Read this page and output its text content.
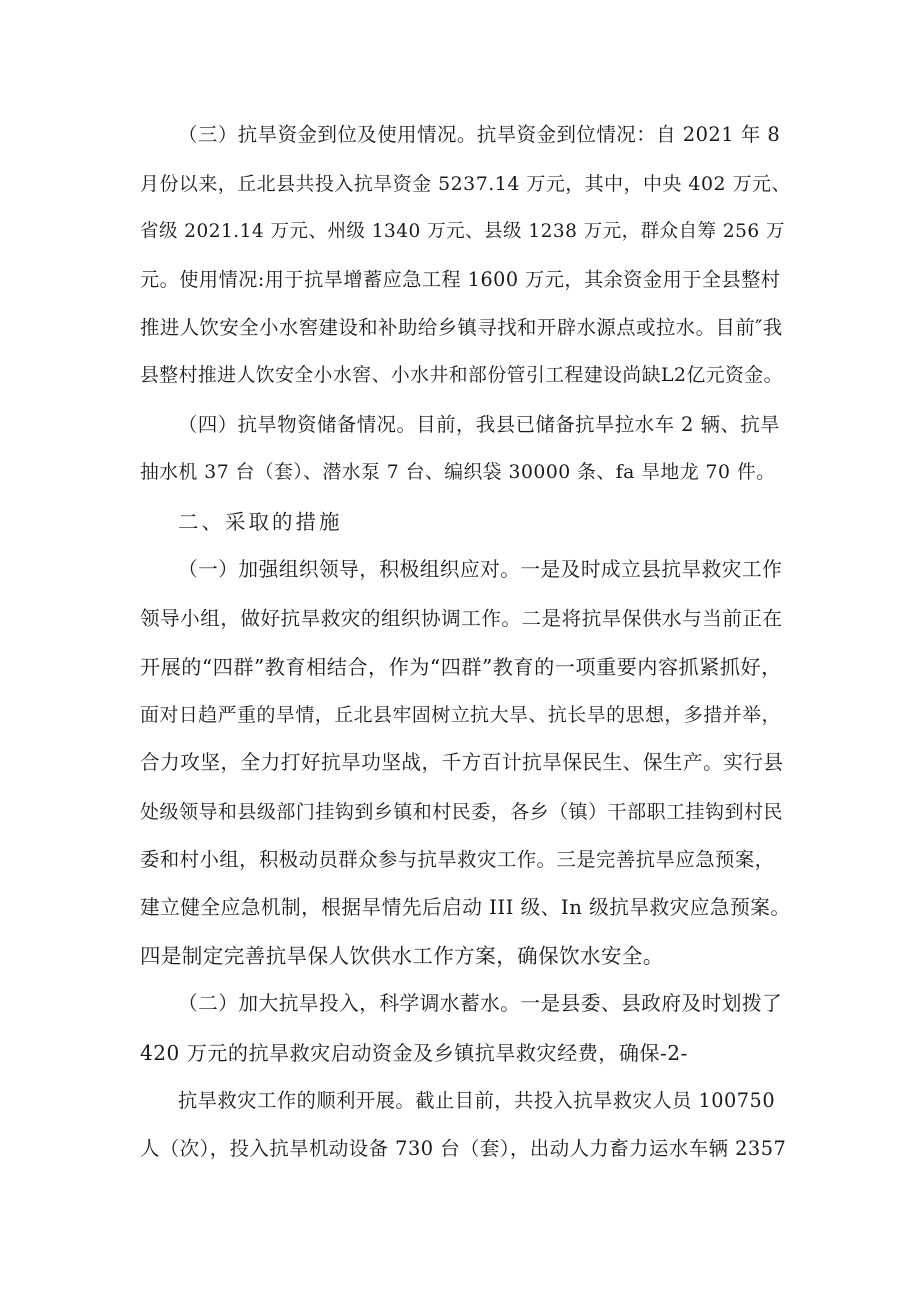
（三）抗旱资金到位及使用情况。抗旱资金到位情况：自 2021 年 8
月份以来，丘北县共投入抗旱资金 5237.14 万元，其中，中央 402 万元、
省级 2021.14 万元、州级 1340 万元、县级 1238 万元，群众自筹 256 万
元。使用情况:用于抗旱增蓄应急工程 1600 万元，其余资金用于全县整村
推进人饮安全小水窖建设和补助给乡镇寻找和开辟水源点或拉水。目前″我
县整村推进人饮安全小水窖、小水井和部份管引工程建设尚缺L2亿元资金。
（四）抗旱物资储备情况。目前，我县已储备抗旱拉水车 2 辆、抗旱
抽水机 37 台（套）、潜水泵 7 台、编织袋 30000 条、fa 旱地龙 70 件。
二、采取的措施
（一）加强组织领导，积极组织应对。一是及时成立县抗旱救灾工作
领导小组，做好抗旱救灾的组织协调工作。二是将抗旱保供水与当前正在
开展的“四群”教育相结合，作为“四群”教育的一项重要内容抓紧抓好，
面对日趋严重的旱情，丘北县牢固树立抗大旱、抗长旱的思想，多措并举，
合力攻坚，全力打好抗旱功坚战，千方百计抗旱保民生、保生产。实行县
处级领导和县级部门挂钩到乡镇和村民委，各乡（镇）干部职工挂钩到村民
委和村小组，积极动员群众参与抗旱救灾工作。三是完善抗旱应急预案，
建立健全应急机制，根据旱情先后启动 III 级、In 级抗旱救灾应急预案。
四是制定完善抗旱保人饮供水工作方案，确保饮水安全。
（二）加大抗旱投入，科学调水蓄水。一是县委、县政府及时划拨了
420 万元的抗旱救灾启动资金及乡镇抗旱救灾经费，确保-2-
抗旱救灾工作的顺利开展。截止目前，共投入抗旱救灾人员 100750
人（次），投入抗旱机动设备 730 台（套），出动人力畜力运水车辆 2357
